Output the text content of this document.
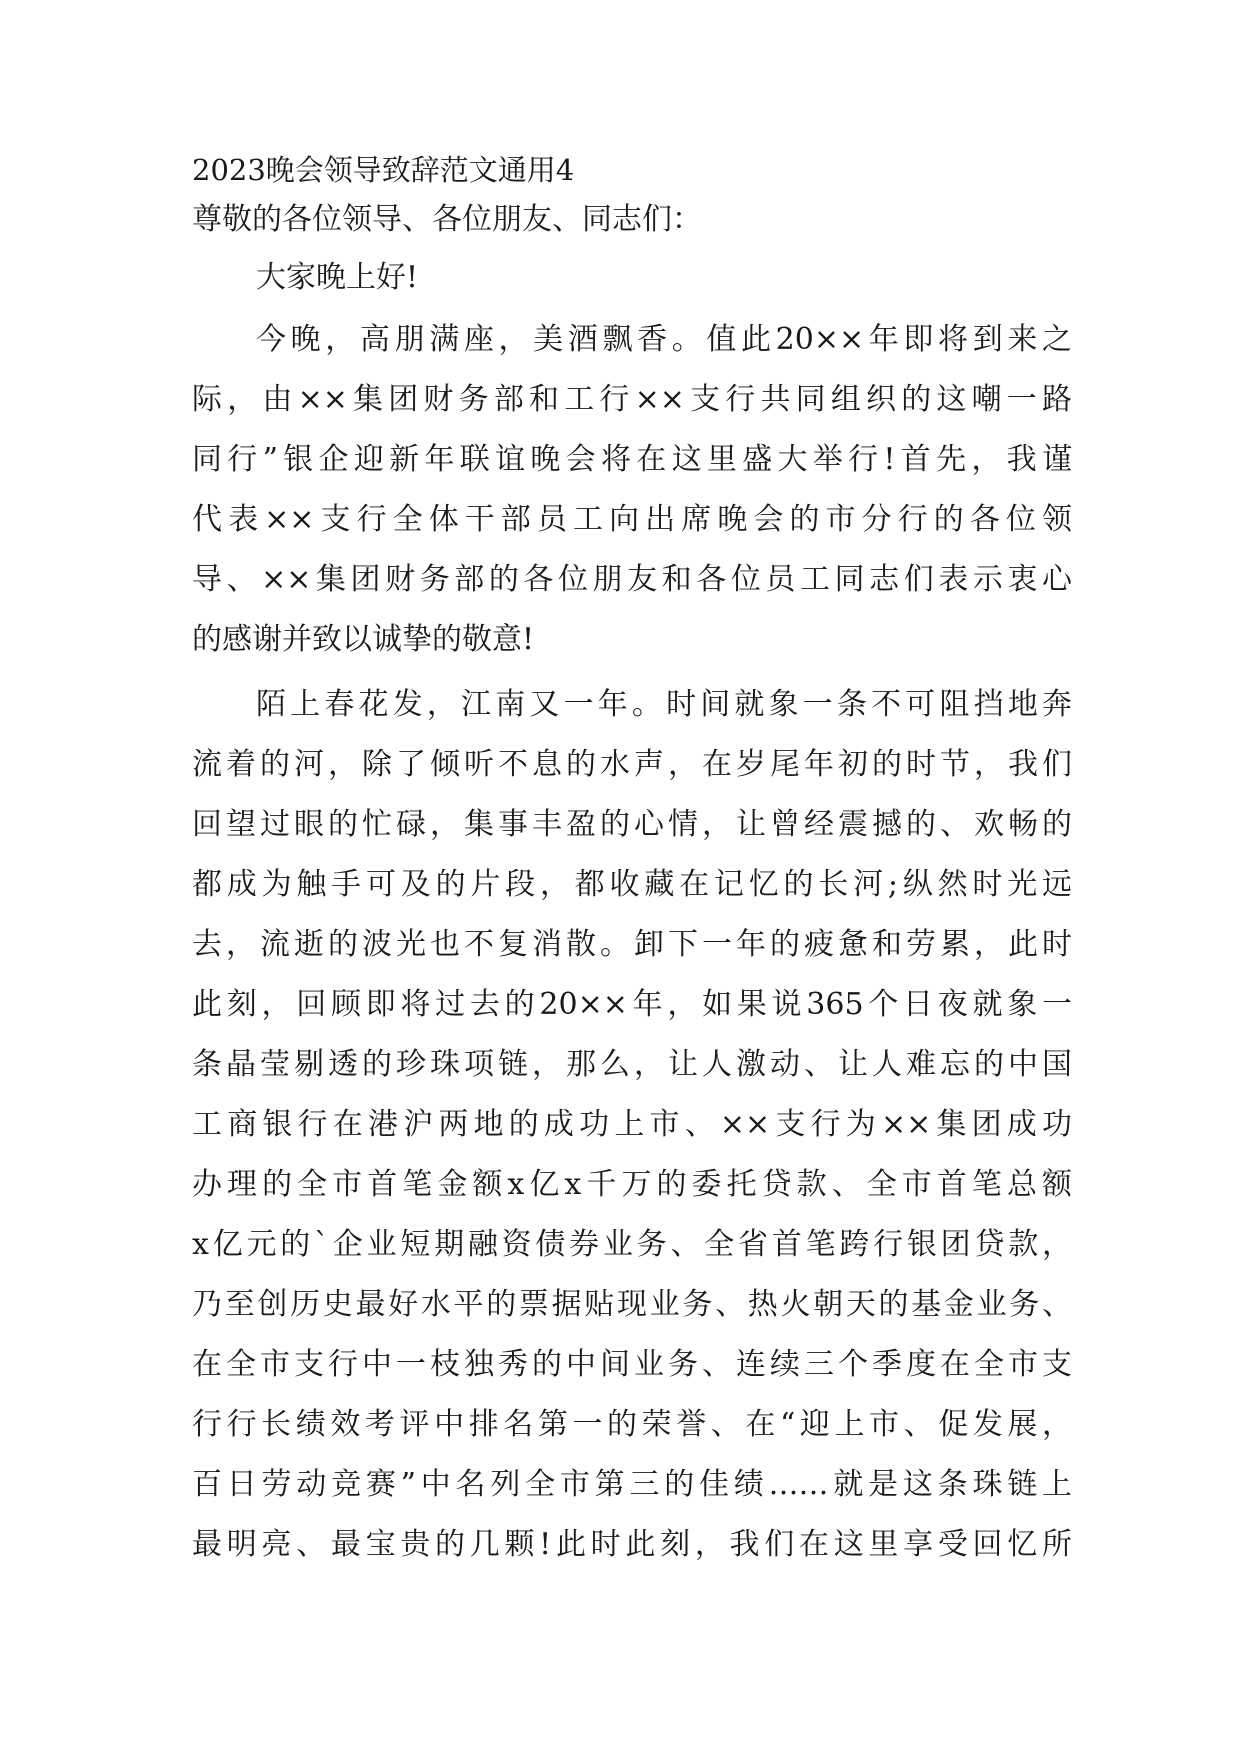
2023晚会领导致辞范文通用4
尊敬的各位领导、各位朋友、同志们：
大家晚上好!
今晚，高朋满座，美酒飘香。值此20××年即将到来之
际，由××集团财务部和工行××支行共同组织的这嘲一路
同行”银企迎新年联谊晚会将在这里盛大举行!首先，我谨
代表××支行全体干部员工向出席晚会的市分行的各位领
导、××集团财务部的各位朋友和各位员工同志们表示衷心
的感谢并致以诚挚的敬意!
陌上春花发，江南又一年。时间就象一条不可阻挡地奔
流着的河，除了倾听不息的水声，在岁尾年初的时节，我们
回望过眼的忙碌，集事丰盈的心情，让曾经震撼的、欢畅的
都成为触手可及的片段，都收藏在记忆的长河;纵然时光远
去，流逝的波光也不复消散。卸下一年的疲惫和劳累，此时
此刻，回顾即将过去的20××年，如果说365个日夜就象一
条晶莹剔透的珍珠项链，那么，让人激动、让人难忘的中国
工商银行在港沪两地的成功上市、××支行为××集团成功
办理的全市首笔金额x亿x千万的委托贷款、全市首笔总额
x亿元的`企业短期融资债券业务、全省首笔跨行银团贷款，
乃至创历史最好水平的票据贴现业务、热火朝天的基金业务、
在全市支行中一枝独秀的中间业务、连续三个季度在全市支
行行长绩效考评中排名第一的荣誉、在“迎上市、促发展，
百日劳动竞赛”中名列全市第三的佳绩……就是这条珠链上
最明亮、最宝贵的几颗!此时此刻，我们在这里享受回忆所
